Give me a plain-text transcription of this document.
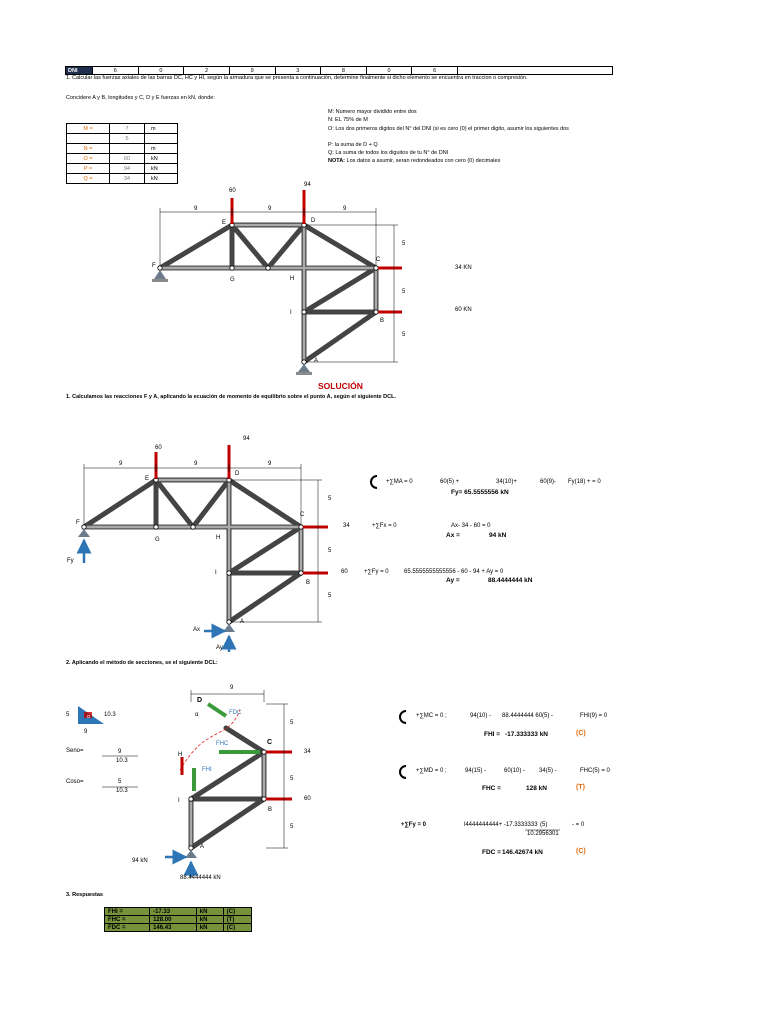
DNI	6	0	2	9	3	8	0	6	
1. Calcular las fuerzas axiales de las barras DC, HC y HI, según la armadura que se presenta a continuación, determine finalmente si dicho elemento se encuentra en traccion o compresión.
Concidere A y B, longitudes y C, D y E fuerzas en kN, donde:
M: Numero mayor dividido entre dos
N: EL 75% de M
O: Los dos primeros digitos del N° del DNI (si es cero (0) el primer digito, asumir los siguientes dos
P: la suma de D + Q
Q: La suma de todos los diguitos de tu N° de DNI
NOTA: Los datos a asumir, seran redondeados con cero (0) decimales
M =	7	m
	5	
N =		m
O =	60	kN
P =	94	kN
Q =	34	kN
60
94
9	9	9
5
5
5
E	D
F
G	H
C
I
B
A
34 KN
60 KN
SOLUCIÓN
1. Calculamos las reacciones F y A, aplicando la ecuación de momento de equilibrio sobre el punto A, según el siguiente DCL.
60
94
9	9	9
5
5
5
E
D
F
G	H
C
I
B
A
Fy
Ax
Ay
34
60
+∑MA = 0	60(5) +	34(10)+	60(9)- Fy(18) + = 0
Fy= 65.5555556 kN
+∑Fx = 0	Ax- 34 - 60 = 0
Ax =	94 kN
+∑Fy = 0	65.5555555555556 - 60 - 94 + Ay = 0
Ay =	88.4444444 kN
2. Aplicando el método de secciones, se el siguiente DCL:
5	10.3
9
α
Seno=	9
10.3
Coso=	5
10.3
9
5
5
5
D
α	FDC
FHC
FHI
H
C
I
B
A
34
60
94 kN
88.4444444 kN
+∑MC = 0 ;	94(10) - 88.4444444 60(5) -	FHI(9) = 0
FHI = -17.333333 kN	(C)
+∑MD = 0 ;	94(15) -	60(10) - 34(5) -	FHC(5) = 0
FHC =	128 kN	(T)
+∑Fy = 0	l4444444444+ -17.3333333 (5)	- = 0
10.2956301
FDC = 146.42674 kN	(C)
3. Respuestas
FHI =	-17.33	kN	(C)
FHC =	128.00	kN	(T)
FDC =	146.43	kN	(C)
